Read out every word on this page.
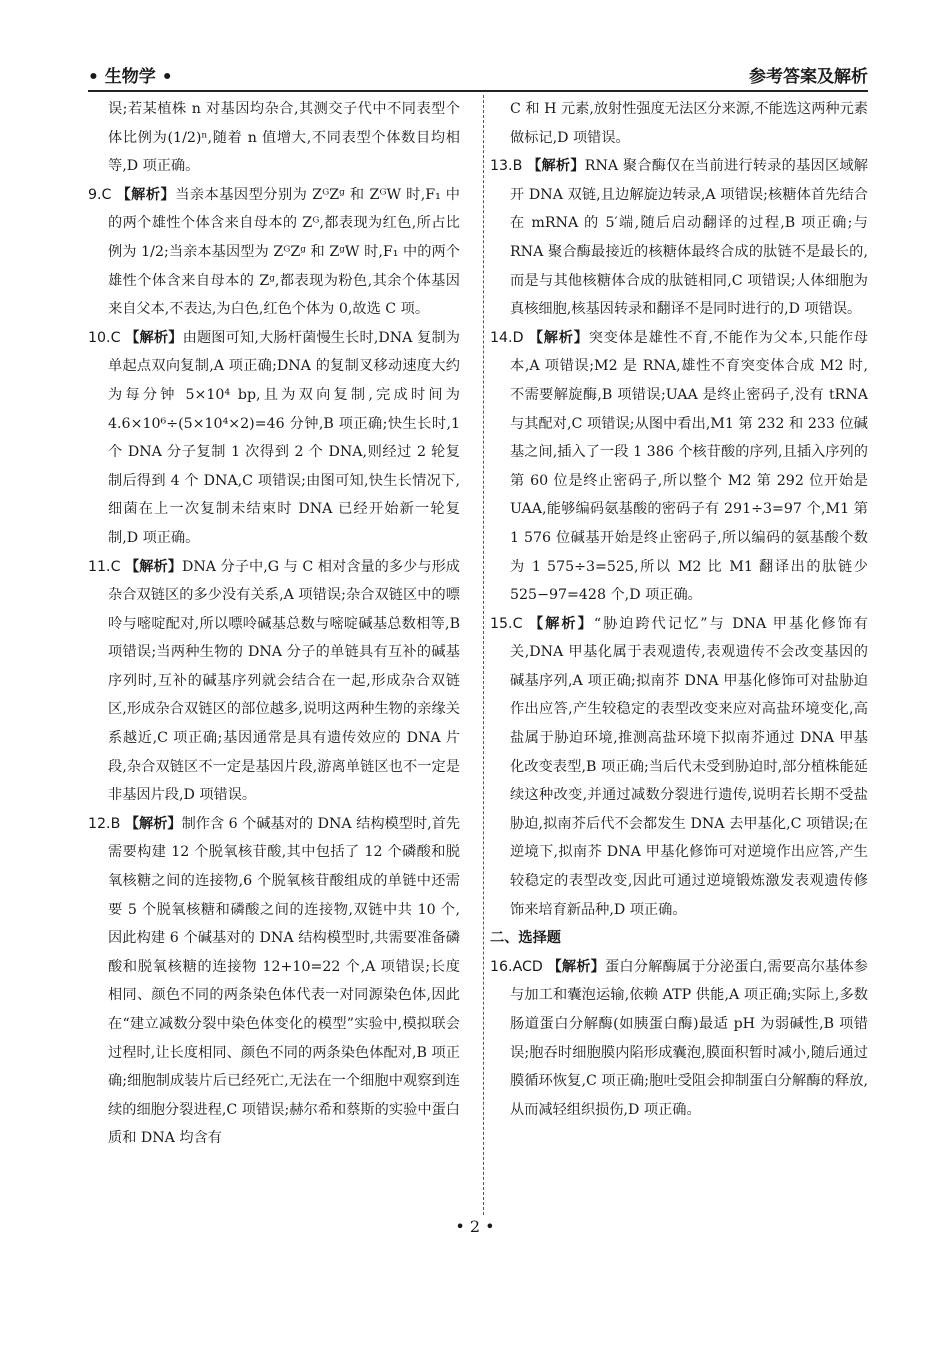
• 生物学 •	参考答案及解析

误;若某植株 n 对基因均杂合,其测交子代中不同表型个体比例为(1/2)ⁿ,随着 n 值增大,不同表型个体数目均相等,D 项正确。

9.C 【解析】当亲本基因型分别为 ZᴳZᵍ 和 ZᴳW 时,F₁ 中的两个雄性个体含来自母本的 Zᴳ,都表现为红色,所占比例为 1/2;当亲本基因型为 ZᴳZᵍ 和 ZᵍW 时,F₁ 中的两个雄性个体含来自母本的 Zᵍ,都表现为粉色,其余个体基因来自父本,不表达,为白色,红色个体为 0,故选 C 项。

10.C 【解析】由题图可知,大肠杆菌慢生长时,DNA 复制为单起点双向复制,A 项正确;DNA 的复制叉移动速度大约为每分钟 5×10⁴ bp,且为双向复制,完成时间为 4.6×10⁶÷(5×10⁴×2)=46 分钟,B 项正确;快生长时,1 个 DNA 分子复制 1 次得到 2 个 DNA,则经过 2 轮复制后得到 4 个 DNA,C 项错误;由图可知,快生长情况下,细菌在上一次复制未结束时 DNA 已经开始新一轮复制,D 项正确。

11.C 【解析】DNA 分子中,G 与 C 相对含量的多少与形成杂合双链区的多少没有关系,A 项错误;杂合双链区中的嘌呤与嘧啶配对,所以嘌呤碱基总数与嘧啶碱基总数相等,B 项错误;当两种生物的 DNA 分子的单链具有互补的碱基序列时,互补的碱基序列就会结合在一起,形成杂合双链区,形成杂合双链区的部位越多,说明这两种生物的亲缘关系越近,C 项正确;基因通常是具有遗传效应的 DNA 片段,杂合双链区不一定是基因片段,游离单链区也不一定是非基因片段,D 项错误。

12.B 【解析】制作含 6 个碱基对的 DNA 结构模型时,首先需要构建 12 个脱氧核苷酸,其中包括了 12 个磷酸和脱氧核糖之间的连接物,6 个脱氧核苷酸组成的单链中还需要 5 个脱氧核糖和磷酸之间的连接物,双链中共 10 个,因此构建 6 个碱基对的 DNA 结构模型时,共需要准备磷酸和脱氧核糖的连接物 12+10=22 个,A 项错误;长度相同、颜色不同的两条染色体代表一对同源染色体,因此在“建立减数分裂中染色体变化的模型”实验中,模拟联会过程时,让长度相同、颜色不同的两条染色体配对,B 项正确;细胞制成装片后已经死亡,无法在一个细胞中观察到连续的细胞分裂进程,C 项错误;赫尔希和蔡斯的实验中蛋白质和 DNA 均含有

C 和 H 元素,放射性强度无法区分来源,不能选这两种元素做标记,D 项错误。

13.B 【解析】RNA 聚合酶仅在当前进行转录的基因区域解开 DNA 双链,且边解旋边转录,A 项错误;核糖体首先结合在 mRNA 的 5′端,随后启动翻译的过程,B 项正确;与 RNA 聚合酶最接近的核糖体最终合成的肽链不是最长的,而是与其他核糖体合成的肽链相同,C 项错误;人体细胞为真核细胞,核基因转录和翻译不是同时进行的,D 项错误。

14.D 【解析】突变体是雄性不育,不能作为父本,只能作母本,A 项错误;M2 是 RNA,雄性不育突变体合成 M2 时,不需要解旋酶,B 项错误;UAA 是终止密码子,没有 tRNA 与其配对,C 项错误;从图中看出,M1 第 232 和 233 位碱基之间,插入了一段 1 386 个核苷酸的序列,且插入序列的第 60 位是终止密码子,所以整个 M2 第 292 位开始是 UAA,能够编码氨基酸的密码子有 291÷3=97 个,M1 第 1 576 位碱基开始是终止密码子,所以编码的氨基酸个数为 1 575÷3=525,所以 M2 比 M1 翻译出的肽链少 525−97=428 个,D 项正确。

15.C 【解析】“胁迫跨代记忆”与 DNA 甲基化修饰有关,DNA 甲基化属于表观遗传,表观遗传不会改变基因的碱基序列,A 项正确;拟南芥 DNA 甲基化修饰可对盐胁迫作出应答,产生较稳定的表型改变来应对高盐环境变化,高盐属于胁迫环境,推测高盐环境下拟南芥通过 DNA 甲基化改变表型,B 项正确;当后代未受到胁迫时,部分植株能延续这种改变,并通过减数分裂进行遗传,说明若长期不受盐胁迫,拟南芥后代不会都发生 DNA 去甲基化,C 项错误;在逆境下,拟南芥 DNA 甲基化修饰可对逆境作出应答,产生较稳定的表型改变,因此可通过逆境锻炼激发表观遗传修饰来培育新品种,D 项正确。

二、选择题

16.ACD 【解析】蛋白分解酶属于分泌蛋白,需要高尔基体参与加工和囊泡运输,依赖 ATP 供能,A 项正确;实际上,多数肠道蛋白分解酶(如胰蛋白酶)最适 pH 为弱碱性,B 项错误;胞吞时细胞膜内陷形成囊泡,膜面积暂时减小,随后通过膜循环恢复,C 项正确;胞吐受阻会抑制蛋白分解酶的释放,从而减轻组织损伤,D 项正确。

• 2 •
